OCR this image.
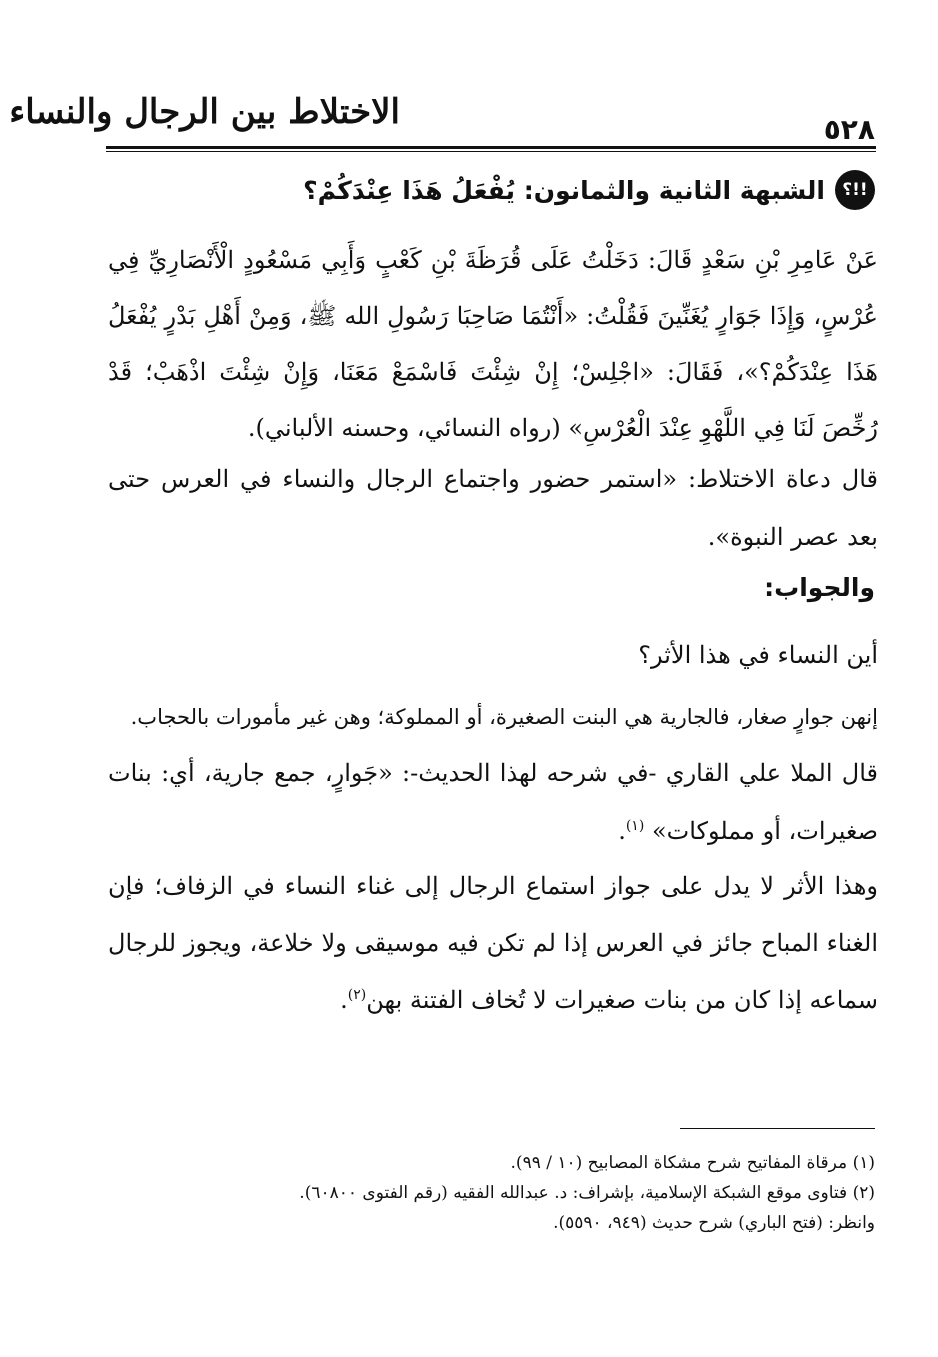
الاختلاط بين الرجال والنساء	٥٢٨
؟!!
الشبهة الثانية والثمانون: يُفْعَلُ هَذَا عِنْدَكُمْ؟

عَنْ عَامِرِ بْنِ سَعْدٍ قَالَ: دَخَلْتُ عَلَى قُرَظَةَ بْنِ كَعْبٍ وَأَبِي مَسْعُودٍ الْأَنْصَارِيِّ فِي عُرْسٍ، وَإِذَا جَوَارٍ يُغَنِّينَ فَقُلْتُ: «أَنْتُمَا صَاحِبَا رَسُولِ الله ﷺ، وَمِنْ أَهْلِ بَدْرٍ يُفْعَلُ هَذَا عِنْدَكُمْ؟»، فَقَالَ: «اجْلِسْ؛ إِنْ شِئْتَ فَاسْمَعْ مَعَنَا، وَإِنْ شِئْتَ اذْهَبْ؛ قَدْ رُخِّصَ لَنَا فِي اللَّهْوِ عِنْدَ الْعُرْسِ» (رواه النسائي، وحسنه الألباني).

قال دعاة الاختلاط: «استمر حضور واجتماع الرجال والنساء في العرس حتى بعد عصر النبوة».

والجواب:

أين النساء في هذا الأثر؟

إنهن جوارٍ صغار، فالجارية هي البنت الصغيرة، أو المملوكة؛ وهن غير مأمورات بالحجاب.

قال الملا علي القاري -في شرحه لهذا الحديث-: «جَوارٍ، جمع جارية، أي: بنات صغيرات، أو مملوكات» $^{(١)}$.

وهذا الأثر لا يدل على جواز استماع الرجال إلى غناء النساء في الزفاف؛ فإن الغناء المباح جائز في العرس إذا لم تكن فيه موسيقى ولا خلاعة، ويجوز للرجال سماعه إذا كان من بنات صغيرات لا تُخاف الفتنة بهن$^{(٢)}$.

(١) مرقاة المفاتيح شرح مشكاة المصابيح (١٠ / ٩٩).

(٢) فتاوى موقع الشبكة الإسلامية، بإشراف: د. عبدالله الفقيه (رقم الفتوى ٦٠٨٠٠).

وانظر: (فتح الباري) شرح حديث (٩٤٩، ٥٥٩٠).
